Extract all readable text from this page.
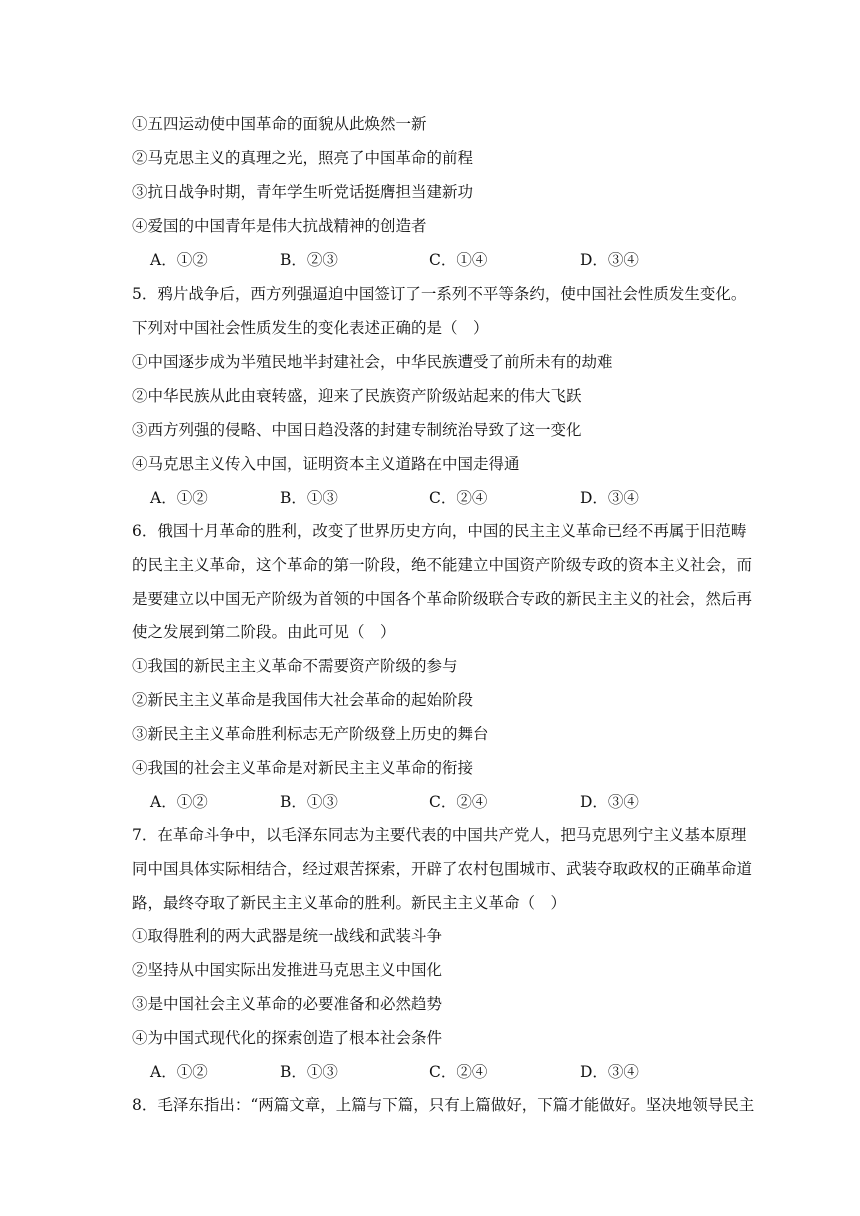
①五四运动使中国革命的面貌从此焕然一新
②马克思主义的真理之光，照亮了中国革命的前程
③抗日战争时期，青年学生听党话挺膺担当建新功
④爱国的中国青年是伟大抗战精神的创造者
A．①②	B．②③	C．①④	D．③④
5．鸦片战争后，西方列强逼迫中国签订了一系列不平等条约，使中国社会性质发生变化。
下列对中国社会性质发生的变化表述正确的是（　）
①中国逐步成为半殖民地半封建社会，中华民族遭受了前所未有的劫难
②中华民族从此由衰转盛，迎来了民族资产阶级站起来的伟大飞跃
③西方列强的侵略、中国日趋没落的封建专制统治导致了这一变化
④马克思主义传入中国，证明资本主义道路在中国走得通
A．①②	B．①③	C．②④	D．③④
6．俄国十月革命的胜利，改变了世界历史方向，中国的民主主义革命已经不再属于旧范畴
的民主主义革命，这个革命的第一阶段，绝不能建立中国资产阶级专政的资本主义社会，而
是要建立以中国无产阶级为首领的中国各个革命阶级联合专政的新民主主义的社会，然后再
使之发展到第二阶段。由此可见（　）
①我国的新民主主义革命不需要资产阶级的参与
②新民主主义革命是我国伟大社会革命的起始阶段
③新民主主义革命胜利标志无产阶级登上历史的舞台
④我国的社会主义革命是对新民主主义革命的衔接
A．①②	B．①③	C．②④	D．③④
7．在革命斗争中，以毛泽东同志为主要代表的中国共产党人，把马克思列宁主义基本原理
同中国具体实际相结合，经过艰苦探索，开辟了农村包围城市、武装夺取政权的正确革命道
路，最终夺取了新民主主义革命的胜利。新民主主义革命（　）
①取得胜利的两大武器是统一战线和武装斗争
②坚持从中国实际出发推进马克思主义中国化
③是中国社会主义革命的必要准备和必然趋势
④为中国式现代化的探索创造了根本社会条件
A．①②	B．①③	C．②④	D．③④
8．毛泽东指出：“两篇文章，上篇与下篇，只有上篇做好，下篇才能做好。坚决地领导民主
